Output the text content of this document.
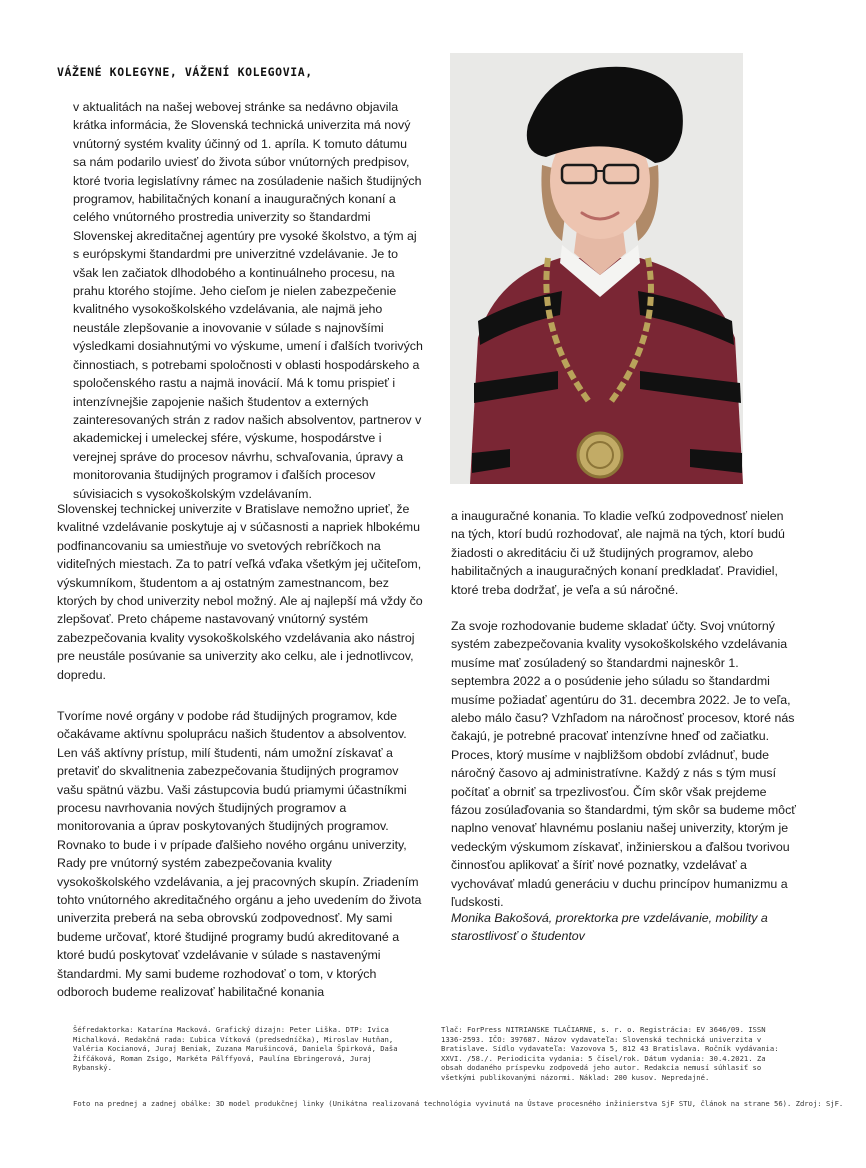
VÁŽENÉ KOLEGYNE, VÁŽENÍ KOLEGOVIA,

v aktualitách na našej webovej stránke sa nedávno objavila krátka informácia, že Slovenská technická univerzita má nový vnútorný systém kvality účinný od 1. apríla. K tomuto dátumu sa nám podarilo uviesť do života súbor vnútorných predpisov, ktoré tvoria legislatívny rámec na zosúladenie našich študijných programov, habilitačných konaní a inauguračných konaní a celého vnútorného prostredia univerzity so štandardmi Slovenskej akreditačnej agentúry pre vysoké školstvo, a tým aj s európskymi štandardmi pre univerzitné vzdelávanie. Je to však len začiatok dlhodobého a kontinuálneho procesu, na prahu ktorého stojíme. Jeho cieľom je nielen zabezpečenie kvalitného vysokoškolského vzdelávania, ale najmä jeho neustále zlepšovanie a inovovanie v súlade s najnovšími výsledkami dosiahnutými vo výskume, umení i ďalších tvorivých činnostiach, s potrebami spoločnosti v oblasti hospodárskeho a spoločenského rastu a najmä inovácií. Má k tomu prispieť i intenzívnejšie zapojenie našich študentov a externých zainteresovaných strán z radov našich absolventov, partnerov v akademickej i umeleckej sfére, výskume, hospodárstve i verejnej správe do procesov návrhu, schvaľovania, úpravy a monitorovania študijných programov i ďalších procesov súvisiacich s vysokoškolským vzdelávaním.

Slovenskej technickej univerzite v Bratislave nemožno uprieť, že kvalitné vzdelávanie poskytuje aj v súčasnosti a napriek hlbokému podfinancovaniu sa umiestňuje vo svetových rebríčkoch na viditeľných miestach. Za to patrí veľká vďaka všetkým jej učiteľom, výskumníkom, študentom a aj ostatným zamestnancom, bez ktorých by chod univerzity nebol možný. Ale aj najlepší má vždy čo zlepšovať. Preto chápeme nastavovaný vnútorný systém zabezpečovania kvality vysokoškolského vzdelávania ako nástroj pre neustále posúvanie sa univerzity ako celku, ale i jednotlivcov, dopredu.

Tvoríme nové orgány v podobe rád študijných programov, kde očakávame aktívnu spoluprácu našich študentov a absolventov. Len váš aktívny prístup, milí študenti, nám umožní získavať a pretaviť do skvalitnenia zabezpečovania študijných programov vašu spätnú väzbu. Vaši zástupcovia budú priamymi účastníkmi procesu navrhovania nových študijných programov a monitorovania a úprav poskytovaných študijných programov. Rovnako to bude i v prípade ďalšieho nového orgánu univerzity, Rady pre vnútorný systém zabezpečovania kvality vysokoškolského vzdelávania, a jej pracovných skupín. Zriadením tohto vnútorného akreditačného orgánu a jeho uvedením do života univerzita preberá na seba obrovskú zodpovednosť. My sami budeme určovať, ktoré študijné programy budú akreditované a ktoré budú poskytovať vzdelávanie v súlade s nastavenými štandardmi. My sami budeme rozhodovať o tom, v ktorých odboroch budeme realizovať habilitačné konania

a inauguračné konania. To kladie veľkú zodpovednosť nielen na tých, ktorí budú rozhodovať, ale najmä na tých, ktorí budú žiadosti o akreditáciu či už študijných programov, alebo habilitačných a inauguračných konaní predkladať. Pravidiel, ktoré treba dodržať, je veľa a sú náročné.

Za svoje rozhodovanie budeme skladať účty. Svoj vnútorný systém zabezpečovania kvality vysokoškolského vzdelávania musíme mať zosúladený so štandardmi najneskôr 1. septembra 2022 a o posúdenie jeho súladu so štandardmi musíme požiadať agentúru do 31. decembra 2022. Je to veľa, alebo málo času? Vzhľadom na náročnosť procesov, ktoré nás čakajú, je potrebné pracovať intenzívne hneď od začiatku. Proces, ktorý musíme v najbližšom období zvládnuť, bude náročný časovo aj administratívne. Každý z nás s tým musí počítať a obrniť sa trpezlivosťou. Čím skôr však prejdeme fázou zosúlaďovania so štandardmi, tým skôr sa budeme môcť naplno venovať hlavnému poslaniu našej univerzity, ktorým je vedeckým výskumom získavať, inžinierskou a ďalšou tvorivou činnosťou aplikovať a šíriť nové poznatky, vzdelávať a vychovávať mladú generáciu v duchu princípov humanizmu a ľudskosti.

Monika Bakošová, prorektorka pre vzdelávanie, mobility a starostlivosť o študentov

Šéfredaktorka: Katarína Macková. Grafický dizajn: Peter Liška. DTP: Ivica Michalková. Redakčná rada: Ľubica Vítková (predsedníčka), Miroslav Hutňan, Valéria Kocianová, Juraj Beniak, Zuzana Marušincová, Daniela Špirková, Daša Žifčáková, Roman Zsigo, Markéta Pálffyová, Paulína Ebringerová, Juraj Rybanský.

Tlač: ForPress NITRIANSKE TLAČIARNE, s. r. o. Registrácia: EV 3646/09. ISSN 1336-2593. IČO: 397687. Názov vydavateľa: Slovenská technická univerzita v Bratislave. Sídlo vydavateľa: Vazovova 5, 812 43 Bratislava. Ročník vydávania: XXVI. /58./. Periodicita vydania: 5 čísel/rok. Dátum vydania: 30.4.2021. Za obsah dodaného príspevku zodpovedá jeho autor. Redakcia nemusí súhlasiť so všetkými publikovanými názormi. Náklad: 200 kusov. Nepredajné.

Foto na prednej a zadnej obálke: 3D model produkčnej linky (Unikátna realizovaná technológia vyvinutá na Ústave procesného inžinierstva SjF STU, článok na strane 56). Zdroj: SjF.
